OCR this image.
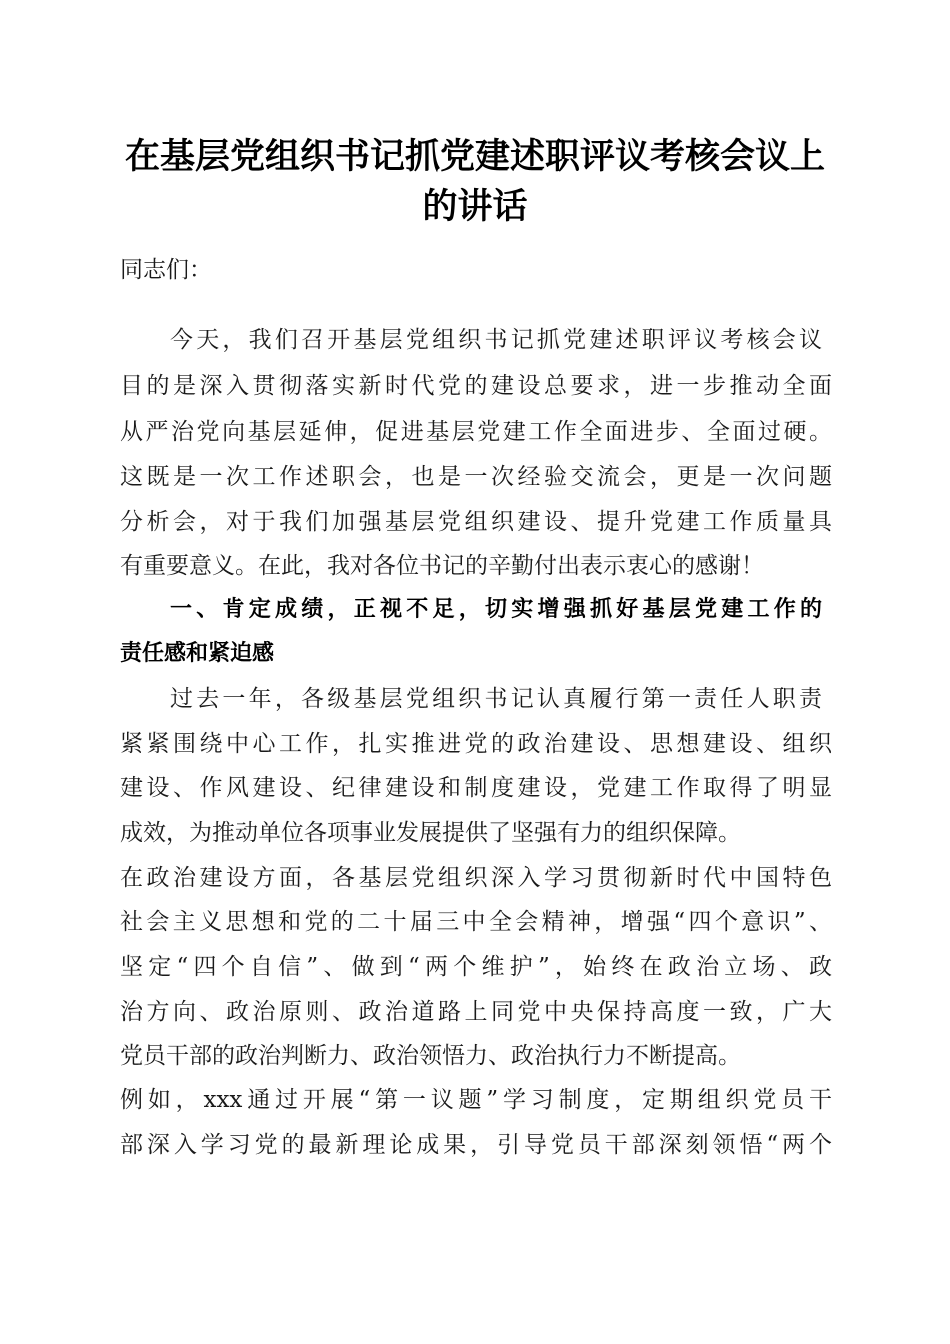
在基层党组织书记抓党建述职评议考核会议上
的讲话
同志们：
今天，我们召开基层党组织书记抓党建述职评议考核会议
目的是深入贯彻落实新时代党的建设总要求，进一步推动全面
从严治党向基层延伸，促进基层党建工作全面进步、全面过硬。
这既是一次工作述职会，也是一次经验交流会，更是一次问题
分析会，对于我们加强基层党组织建设、提升党建工作质量具
有重要意义。在此，我对各位书记的辛勤付出表示衷心的感谢！
一、肯定成绩，正视不足，切实增强抓好基层党建工作的
责任感和紧迫感
过去一年，各级基层党组织书记认真履行第一责任人职责
紧紧围绕中心工作，扎实推进党的政治建设、思想建设、组织
建设、作风建设、纪律建设和制度建设，党建工作取得了明显
成效，为推动单位各项事业发展提供了坚强有力的组织保障。
在政治建设方面，各基层党组织深入学习贯彻新时代中国特色
社会主义思想和党的二十届三中全会精神，增强“四个意识”、
坚定“四个自信”、做到“两个维护”，始终在政治立场、政
治方向、政治原则、政治道路上同党中央保持高度一致，广大
党员干部的政治判断力、政治领悟力、政治执行力不断提高。
例如，xxx通过开展“第一议题”学习制度，定期组织党员干
部深入学习党的最新理论成果，引导党员干部深刻领悟“两个
